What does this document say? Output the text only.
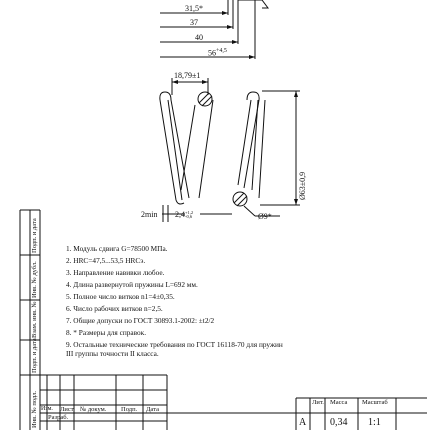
31,5*
37
40
$56^{+4,5}$
18,79±1
Ø63±0,9
2min 2,4 +1,2
-0,6	Ø9*
1. Модуль сдвига G=78500 МПа.
2. HRC=47,5...53,5 HRCэ.
3. Направление навивки любое.
4. Длина развернутой пружины L=692 мм.
5. Полное число витков n1=4±0,35.
6. Число рабочих витков n=2,5.
7. Общие допуски по ГОСТ 30893.1-2002: ±t2/2
8. * Размеры для справок.
9. Остальные технические требования по ГОСТ 16118-70 для пружин
III группы точности II класса.
Подп. и дата
Инв. № дубл.
Взам. инв. №
Подп. и дата
Инв. № подл. Изм. Лист № докум. Подп. Дата
Разраб.
Лит. Масса Масштаб
А 0,34 1:1
